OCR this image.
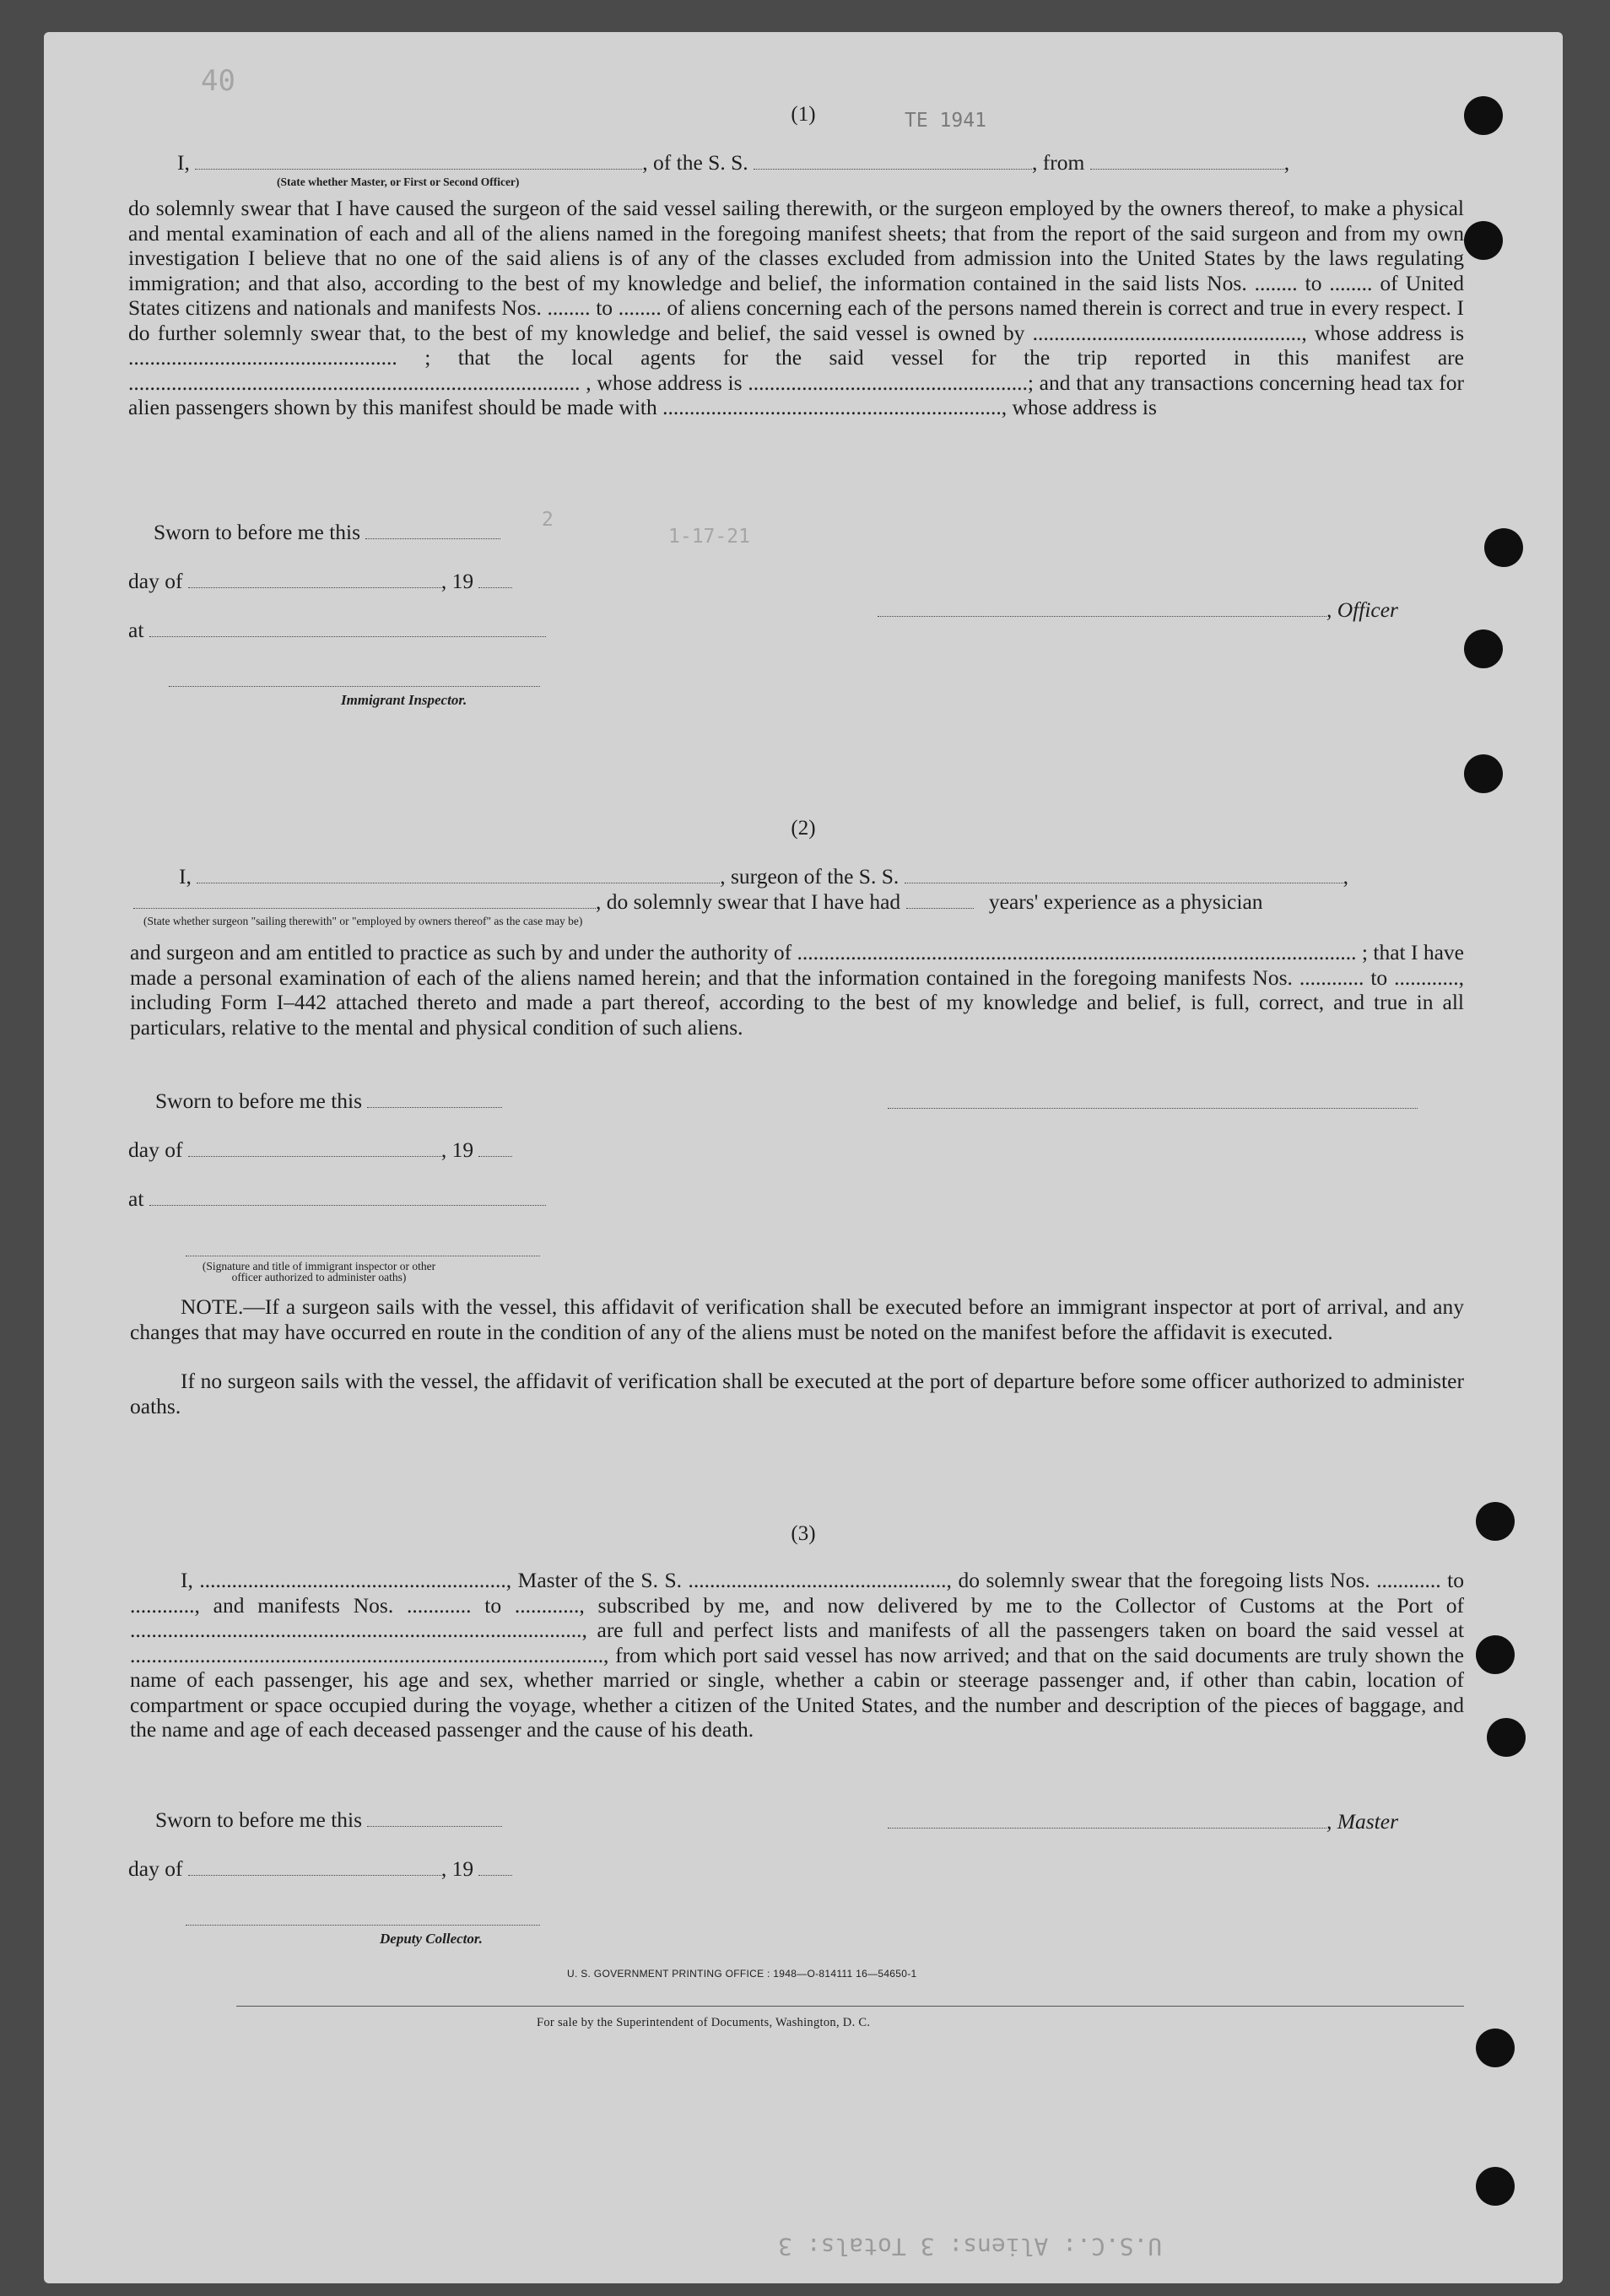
40
TE 1941
2
1-17-21
U.S.C.: Aliens: 3 Totals: 3
(1)
I,	, of the S. S.	, from	,
(State whether Master, or First or Second Officer)
do solemnly swear that I have caused the surgeon of the said vessel sailing therewith, or the surgeon employed by the owners thereof, to make a physical and mental examination of each and all of the aliens named in the foregoing manifest sheets; that from the report of the said surgeon and from my own investigation I believe that no one of the said aliens is of any of the classes excluded from admission into the United States by the laws regulating immigration; and that also, according to the best of my knowledge and belief, the information contained in the said lists Nos. ........ to ........ of United States citizens and nationals and manifests Nos. ........ to ........ of aliens concerning each of the persons named therein is correct and true in every respect. I do further solemnly swear that, to the best of my knowledge and belief, the said vessel is owned by .................................................., whose address is .................................................. ; that the local agents for the said vessel for the trip reported in this manifest are .................................................................................... , whose address is ....................................................; and that any transactions concerning head tax for alien passengers shown by this manifest should be made with ..............................................................., whose address is
Sworn to before me this
day of	, 19
at
, Officer
Immigrant Inspector.
(2)
I,	, surgeon of the S. S.	,
, do solemnly swear that I have had	years' experience as a physician
(State whether surgeon "sailing therewith" or "employed by owners thereof" as the case may be)
and surgeon and am entitled to practice as such by and under the authority of ........................................................................................................ ; that I have made a personal examination of each of the aliens named herein; and that the information contained in the foregoing manifests Nos. ............ to ............, including Form I–442 attached thereto and made a part thereof, according to the best of my knowledge and belief, is full, correct, and true in all particulars, relative to the mental and physical condition of such aliens.
Sworn to before me this
day of	, 19
at
(Signature and title of immigrant inspector or other officer authorized to administer oaths)
NOTE.—If a surgeon sails with the vessel, this affidavit of verification shall be executed before an immigrant inspector at port of arrival, and any changes that may have occurred en route in the condition of any of the aliens must be noted on the manifest before the affidavit is executed.
If no surgeon sails with the vessel, the affidavit of verification shall be executed at the port of departure before some officer authorized to administer oaths.
(3)
I, ........................................................., Master of the S. S. ................................................, do solemnly swear that the foregoing lists Nos. ............ to ............, and manifests Nos. ............ to ............, subscribed by me, and now delivered by me to the Collector of Customs at the Port of ...................................................................................., are full and perfect lists and manifests of all the passengers taken on board the said vessel at ........................................................................................, from which port said vessel has now arrived; and that on the said documents are truly shown the name of each passenger, his age and sex, whether married or single, whether a cabin or steerage passenger and, if other than cabin, location of compartment or space occupied during the voyage, whether a citizen of the United States, and the number and description of the pieces of baggage, and the name and age of each deceased passenger and the cause of his death.
Sworn to before me this	, Master
day of	, 19
Deputy Collector.
U. S. GOVERNMENT PRINTING OFFICE : 1948—O-814111 16—54650-1
For sale by the Superintendent of Documents, Washington, D. C.
